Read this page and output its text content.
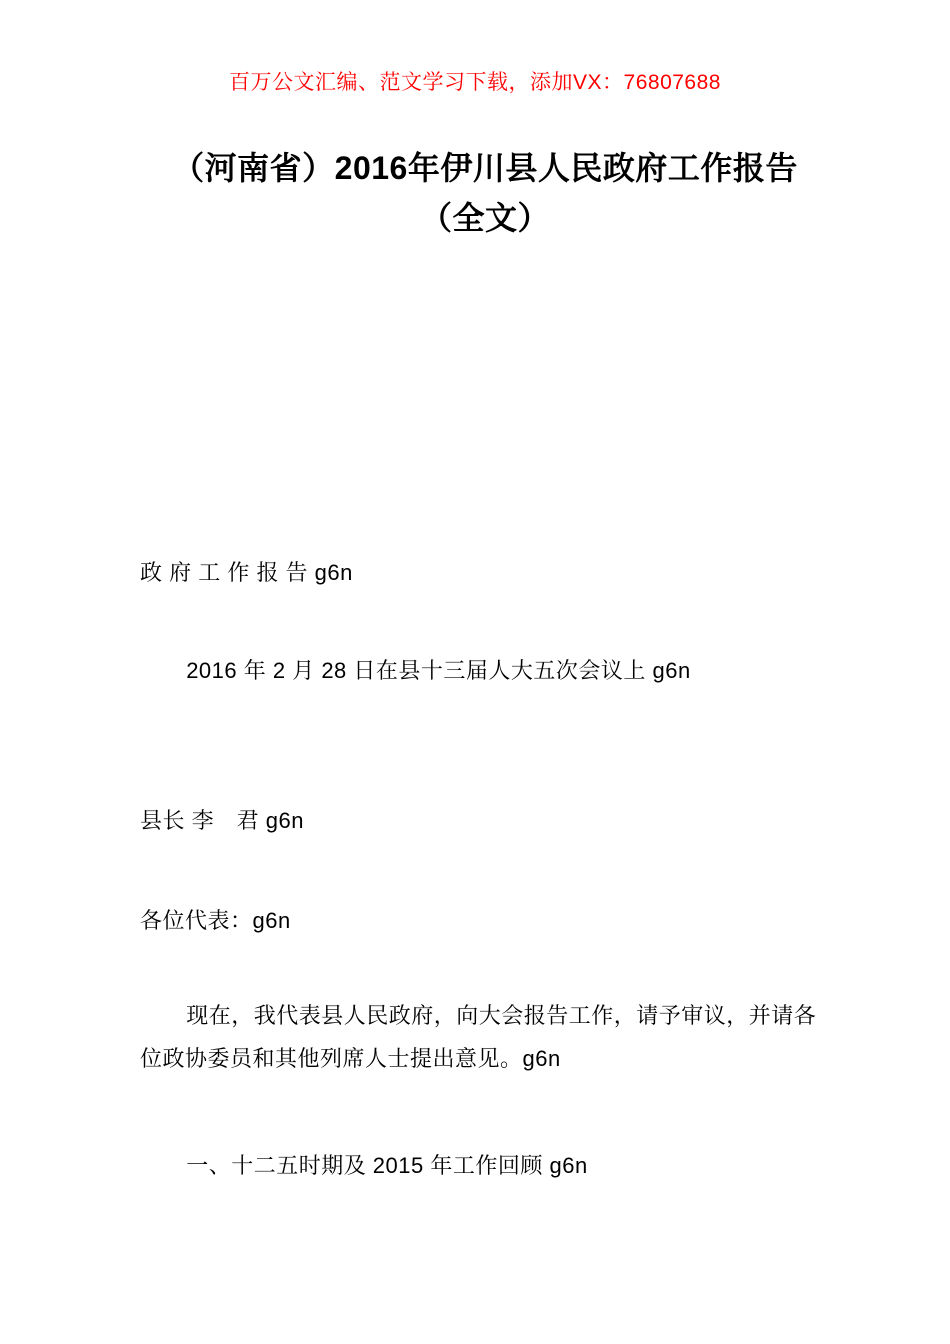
百万公文汇编、范文学习下载，添加VX：76807688
（河南省）2016年伊川县人民政府工作报告（全文）
政 府 工 作 报 告 g6n
2016 年 2 月 28 日在县十三届人大五次会议上 g6n
县长 李　君 g6n
各位代表：g6n
现在，我代表县人民政府，向大会报告工作，请予审议，并请各位政协委员和其他列席人士提出意见。g6n
一、十二五时期及 2015 年工作回顾 g6n
